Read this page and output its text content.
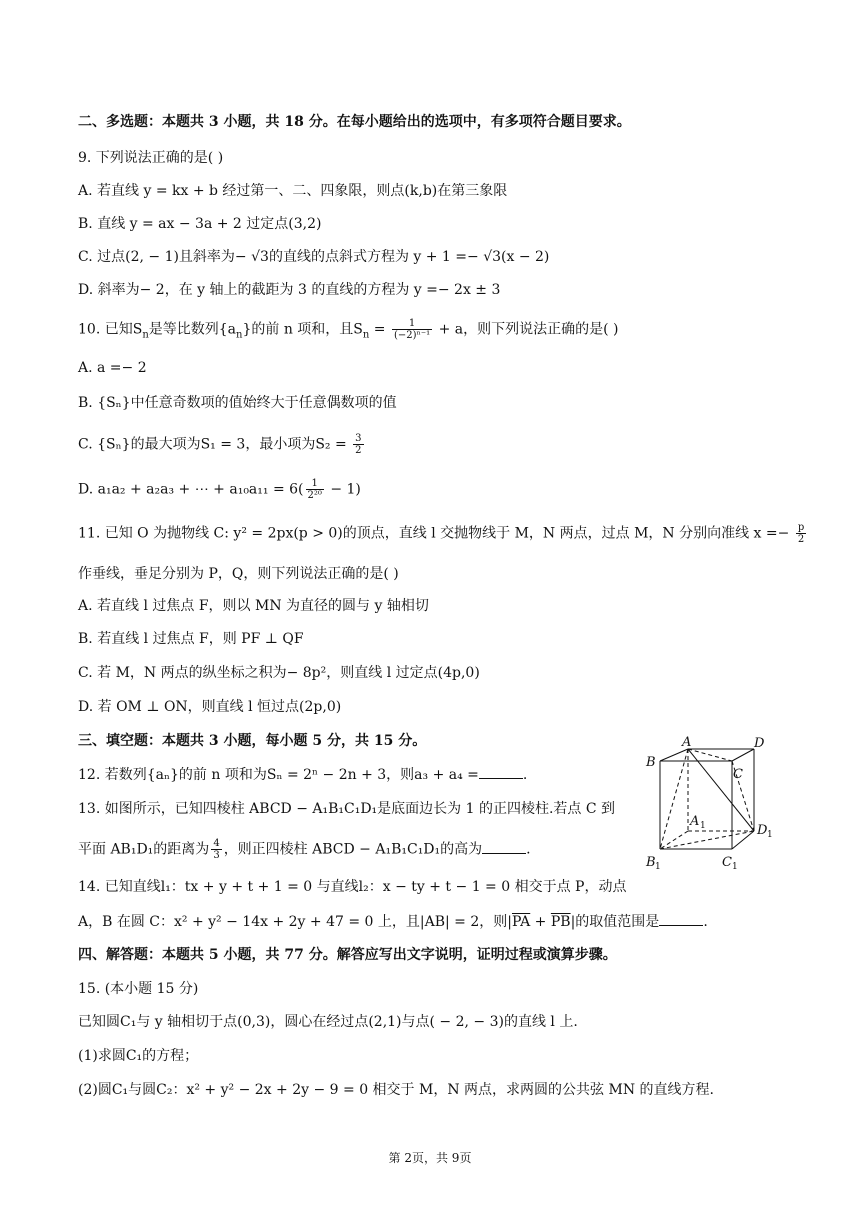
二、多选题：本题共 3 小题，共 18 分。在每小题给出的选项中，有多项符合题目要求。
9. 下列说法正确的是( )
A. 若直线 y = kx + b 经过第一、二、四象限，则点(k,b)在第三象限
B. 直线 y = ax − 3a + 2 过定点(3,2)
C. 过点(2, − 1)且斜率为− √3的直线的点斜式方程为 y + 1 =− √3(x − 2)
D. 斜率为− 2，在 y 轴上的截距为 3 的直线的方程为 y =− 2x ± 3
10. 已知$S_n$是等比数列$\{a_n\}$的前 n 项和，且$S_n = \frac{1}{\text{(−2)ⁿ⁻¹}} + a$，则下列说法正确的是( )
A. a =− 2
B. {Sₙ}中任意奇数项的值始终大于任意偶数项的值
C. {Sₙ}的最大项为S₁ = 3，最小项为$S_2 = \frac{3}{2}$
D. a₁a₂ + a₂a₃ + ⋯ + $a_{10}a_{11} = 6( \frac{1}{\text{2²⁰}} - 1)$
11. 已知 O 为抛物线 C: y² = 2px(p > 0)的顶点，直线 l 交抛物线于 M，N 两点，过点 M，N 分别向准线 $x =- \frac{p}{2}$
作垂线，垂足分别为 P，Q，则下列说法正确的是( )
A. 若直线 l 过焦点 F，则以 MN 为直径的圆与 y 轴相切
B. 若直线 l 过焦点 F，则 PF ⊥ QF
C. 若 M，N 两点的纵坐标之积为− 8p²，则直线 l 过定点(4p,0)
D. 若 OM ⊥ ON，则直线 l 恒过点(2p,0)
三、填空题：本题共 3 小题，每小题 5 分，共 15 分。
12. 若数列{aₙ}的前 n 项和为Sₙ = 2ⁿ − 2n + 3，则a₃ + a₄ =	.
13. 如图所示，已知四棱柱 ABCD − A₁B₁C₁D₁是底面边长为 1 的正四棱柱.若点 C 到
平面 AB₁D₁的距离为 $\frac{4}{3}$ ，则正四棱柱 ABCD − A₁B₁C₁D₁的高为	.
A	D
B
C
A 1	D 1
B 1	C 1
14. 已知直线l₁：tx + y + t + 1 = 0 与直线l₂：x − ty + t − 1 = 0 相交于点 P，动点
A，B 在圆 C：x² + y² − 14x + 2y + 47 = 0 上，且|AB| = 2，则$|\overline{PA} + \overline{PB}|$的取值范围是	.
四、解答题：本题共 5 小题，共 77 分。解答应写出文字说明，证明过程或演算步骤。
15. (本小题 15 分)
已知圆C₁与 y 轴相切于点(0,3)，圆心在经过点(2,1)与点( − 2, − 3)的直线 l 上.
(1)求圆C₁的方程；
(2)圆C₁与圆C₂：x² + y² − 2x + 2y − 9 = 0 相交于 M，N 两点，求两圆的公共弦 MN 的直线方程.
第 2页，共 9页
